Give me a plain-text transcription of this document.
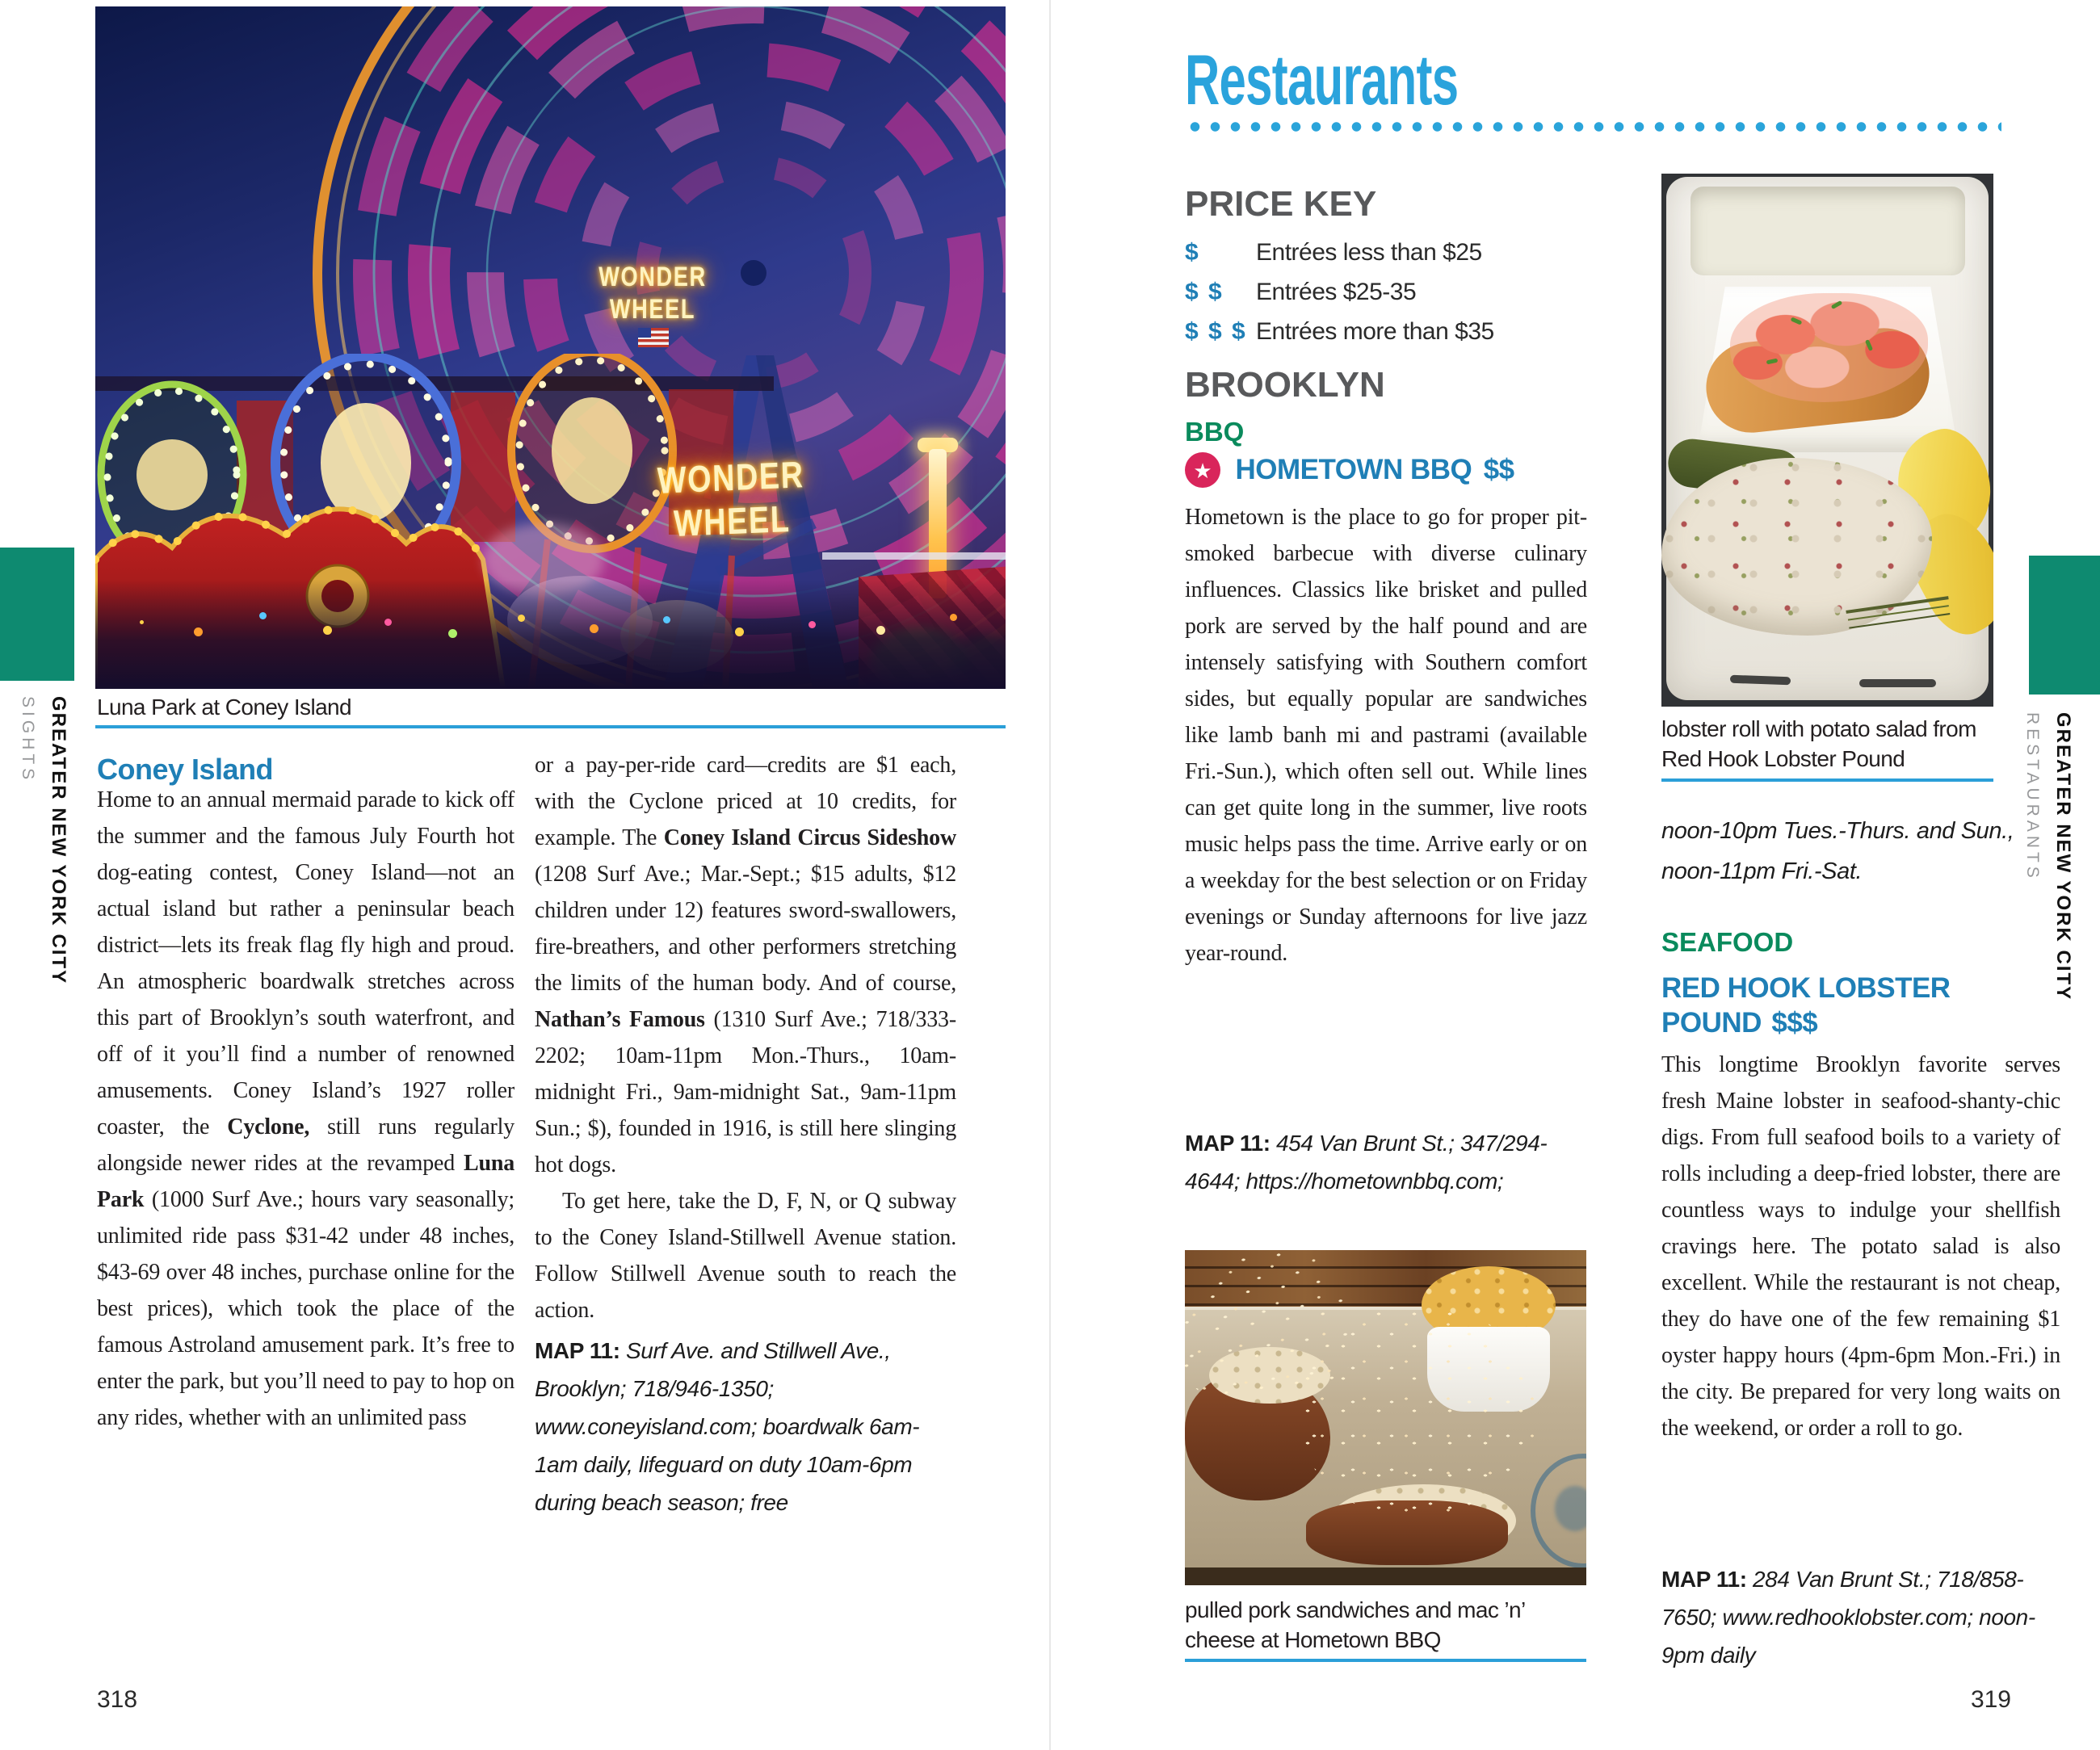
WONDER
WHEEL
WONDER
WHEEL
Luna Park at Coney Island
Coney Island
Home to an annual mermaid parade to kick off the summer and the famous July Fourth hot dog-eating contest, Coney Island—not an actual island but rather a peninsular beach district—lets its freak flag fly high and proud. An atmospheric boardwalk stretches across this part of Brooklyn’s south waterfront, and off of it you’ll find a number of renowned amusements. Coney Island’s 1927 roller coaster, the Cyclone, still runs regularly alongside newer rides at the revamped Luna Park (1000 Surf Ave.; hours vary seasonally; unlimited ride pass $31-42 under 48 inches, $43-69 over 48 inches, purchase online for the best prices), which took the place of the famous Astroland amusement park. It’s free to enter the park, but you’ll need to pay to hop on any rides, whether with an unlimited pass
or a pay-per-ride card—credits are $1 each, with the Cyclone priced at 10 credits, for example. The Coney Island Circus Sideshow (1208 Surf Ave.; Mar.-Sept.; $15 adults, $12 children under 12) features sword-swallowers, fire-breathers, and other performers stretching the limits of the human body. And of course, Nathan’s Famous (1310 Surf Ave.; 718/333-2202; 10am-11pm Mon.-Thurs., 10am-midnight Fri., 9am-midnight Sat., 9am-11pm Sun.; $), founded in 1916, is still here slinging hot dogs.
To get here, take the D, F, N, or Q subway to the Coney Island-Stillwell Avenue station. Follow Stillwell Avenue south to reach the action.
MAP 11: Surf Ave. and Stillwell Ave., Brooklyn; 718/946-1350; www.coneyisland.com; boardwalk 6am-1am daily, lifeguard on duty 10am-6pm during beach season; free
318
GREATER NEW YORK CITY
SIGHTS
Restaurants
PRICE KEY
$	Entrées less than $25
$ $	Entrées $25-35
$ $ $ Entrées more than $35
BROOKLYN
BBQ
★ HOMETOWN BBQ $$
Hometown is the place to go for proper pit-smoked barbecue with diverse culinary influences. Classics like brisket and pulled pork are served by the half pound and are intensely satisfying with Southern comfort sides, but equally popular are sandwiches like lamb banh mi and pastrami (available Fri.-Sun.), which often sell out. While lines can get quite long in the summer, live roots music helps pass the time. Arrive early or on a weekday for the best selection or on Friday evenings or Sunday afternoons for live jazz year-round.
MAP 11: 454 Van Brunt St.; 347/294-4644; https://hometownbbq.com;
pulled pork sandwiches and mac ’n’ cheese at Hometown BBQ
lobster roll with potato salad from Red Hook Lobster Pound
noon-10pm Tues.-Thurs. and Sun., noon-11pm Fri.-Sat.
SEAFOOD
RED HOOK LOBSTER
POUND $$$
This longtime Brooklyn favorite serves fresh Maine lobster in seafood-shanty-chic digs. From full seafood boils to a variety of rolls including a deep-fried lobster, there are countless ways to indulge your shellfish cravings here. The potato salad is also excellent. While the restaurant is not cheap, they do have one of the few remaining $1 oyster happy hours (4pm-6pm Mon.-Fri.) in the city. Be prepared for very long waits on the weekend, or order a roll to go.
MAP 11: 284 Van Brunt St.; 718/858-7650; www.redhooklobster.com; noon-9pm daily
319
GREATER NEW YORK CITY
RESTAURANTS
